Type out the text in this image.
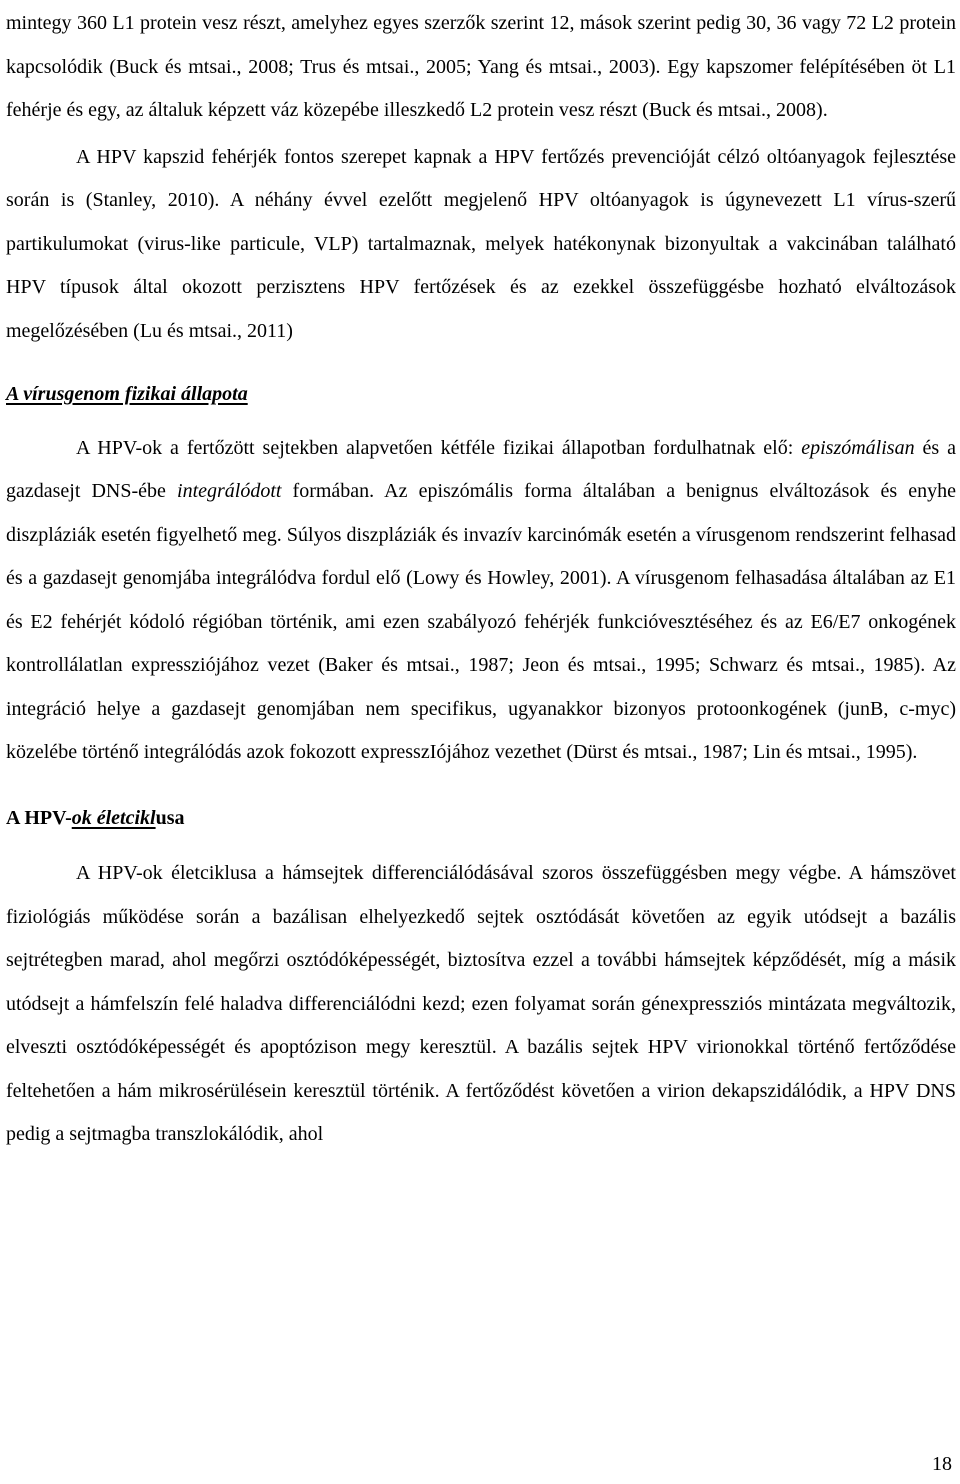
mintegy 360 L1 protein vesz részt, amelyhez egyes szerzők szerint 12, mások szerint pedig 30, 36 vagy 72 L2 protein kapcsolódik (Buck és mtsai., 2008; Trus és mtsai., 2005; Yang és mtsai., 2003). Egy kapszomer felépítésében öt L1 fehérje és egy, az általuk képzett váz közepébe illeszkedő L2 protein vesz részt (Buck és mtsai., 2008).

A HPV kapszid fehérjék fontos szerepet kapnak a HPV fertőzés prevencióját célzó oltóanyagok fejlesztése során is (Stanley, 2010). A néhány évvel ezelőtt megjelenő HPV oltóanyagok is úgynevezett L1 vírus-szerű partikulumokat (virus-like particule, VLP) tartalmaznak, melyek hatékonynak bizonyultak a vakcinában található HPV típusok által okozott perzisztens HPV fertőzések és az ezekkel összefüggésbe hozható elváltozások megelőzésében (Lu és mtsai., 2011)

A vírusgenom fizikai állapota

A HPV-ok a fertőzött sejtekben alapvetően kétféle fizikai állapotban fordulhatnak elő: episzómálisan és a gazdasejt DNS-ébe integrálódott formában. Az episzómális forma általában a benignus elváltozások és enyhe diszpláziák esetén figyelhető meg. Súlyos diszpláziák és invazív karcinómák esetén a vírusgenom rendszerint felhasad és a gazdasejt genomjába integrálódva fordul elő (Lowy és Howley, 2001). A vírusgenom felhasadása általában az E1 és E2 fehérjét kódoló régióban történik, ami ezen szabályozó fehérjék funkcióvesztéséhez és az E6/E7 onkogének kontrollálatlan expressziójához vezet (Baker és mtsai., 1987; Jeon és mtsai., 1995; Schwarz és mtsai., 1985). Az integráció helye a gazdasejt genomjában nem specifikus, ugyanakkor bizonyos protoonkogének (junB, c-myc) közelébe történő integrálódás azok fokozott expresszIójához vezethet (Dürst és mtsai., 1987; Lin és mtsai., 1995).

A HPV-ok életciklusa

A HPV-ok életciklusa a hámsejtek differenciálódásával szoros összefüggésben megy végbe. A hámszövet fiziológiás működése során a bazálisan elhelyezkedő sejtek osztódását követően az egyik utódsejt a bazális sejtrétegben marad, ahol megőrzi osztódóképességét, biztosítva ezzel a további hámsejtek képződését, míg a másik utódsejt a hámfelszín felé haladva differenciálódni kezd; ezen folyamat során génexpressziós mintázata megváltozik, elveszti osztódóképességét és apoptózison megy keresztül. A bazális sejtek HPV virionokkal történő fertőződése feltehetően a hám mikrosérülésein keresztül történik. A fertőződést követően a virion dekapszidálódik, a HPV DNS pedig a sejtmagba transzlokálódik, ahol

18
